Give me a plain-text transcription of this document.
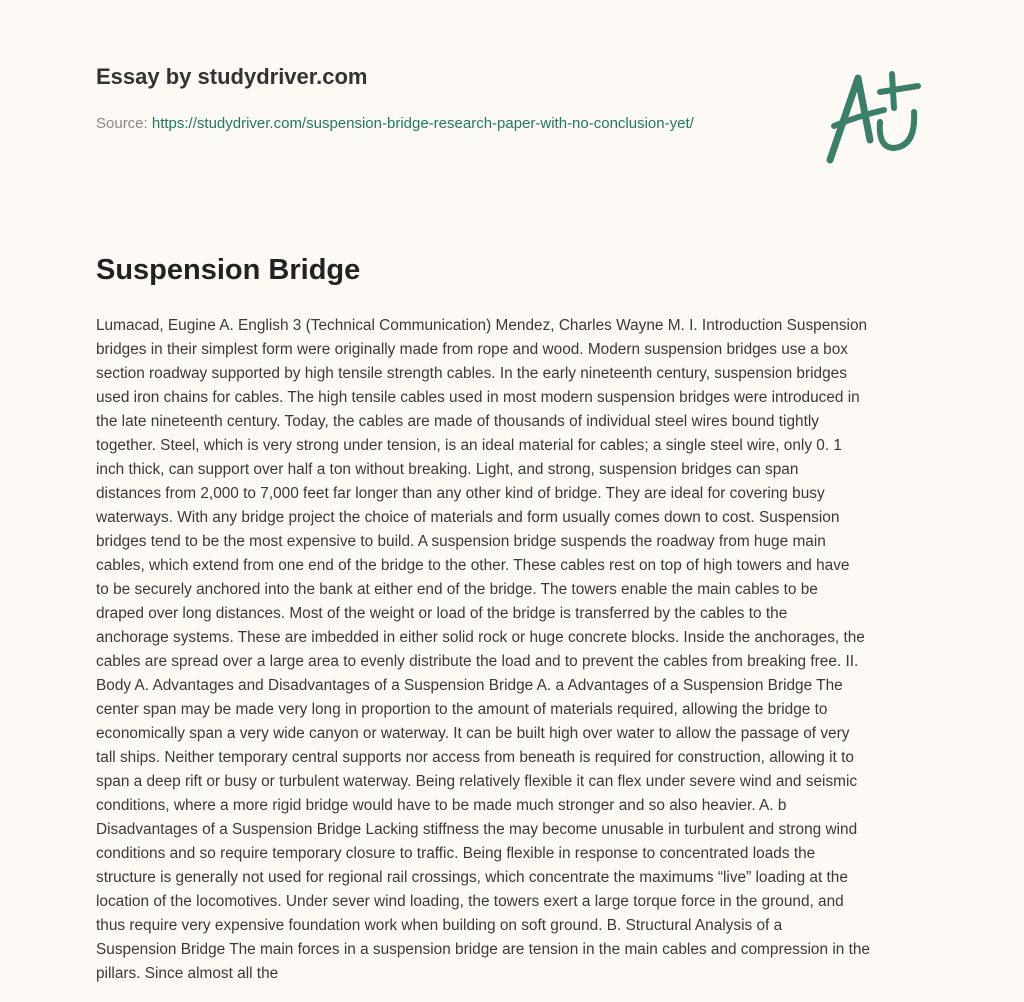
Essay by studydriver.com
Source: https://studydriver.com/suspension-bridge-research-paper-with-no-conclusion-yet/
Suspension Bridge
Lumacad, Eugine A. English 3 (Technical Communication) Mendez, Charles Wayne M. I. Introduction Suspension
bridges in their simplest form were originally made from rope and wood. Modern suspension bridges use a box
section roadway supported by high tensile strength cables. In the early nineteenth century, suspension bridges
used iron chains for cables. The high tensile cables used in most modern suspension bridges were introduced in
the late nineteenth century. Today, the cables are made of thousands of individual steel wires bound tightly
together. Steel, which is very strong under tension, is an ideal material for cables; a single steel wire, only 0. 1
inch thick, can support over half a ton without breaking. Light, and strong, suspension bridges can span
distances from 2,000 to 7,000 feet far longer than any other kind of bridge. They are ideal for covering busy
waterways. With any bridge project the choice of materials and form usually comes down to cost. Suspension
bridges tend to be the most expensive to build. A suspension bridge suspends the roadway from huge main
cables, which extend from one end of the bridge to the other. These cables rest on top of high towers and have
to be securely anchored into the bank at either end of the bridge. The towers enable the main cables to be
draped over long distances. Most of the weight or load of the bridge is transferred by the cables to the
anchorage systems. These are imbedded in either solid rock or huge concrete blocks. Inside the anchorages, the
cables are spread over a large area to evenly distribute the load and to prevent the cables from breaking free. II.
Body A. Advantages and Disadvantages of a Suspension Bridge A. a Advantages of a Suspension Bridge The
center span may be made very long in proportion to the amount of materials required, allowing the bridge to
economically span a very wide canyon or waterway. It can be built high over water to allow the passage of very
tall ships. Neither temporary central supports nor access from beneath is required for construction, allowing it to
span a deep rift or busy or turbulent waterway. Being relatively flexible it can flex under severe wind and seismic
conditions, where a more rigid bridge would have to be made much stronger and so also heavier. A. b
Disadvantages of a Suspension Bridge Lacking stiffness the may become unusable in turbulent and strong wind
conditions and so require temporary closure to traffic. Being flexible in response to concentrated loads the
structure is generally not used for regional rail crossings, which concentrate the maximums “live” loading at the
location of the locomotives. Under sever wind loading, the towers exert a large torque force in the ground, and
thus require very expensive foundation work when building on soft ground. B. Structural Analysis of a
Suspension Bridge The main forces in a suspension bridge are tension in the main cables and compression in the
pillars. Since almost all the
